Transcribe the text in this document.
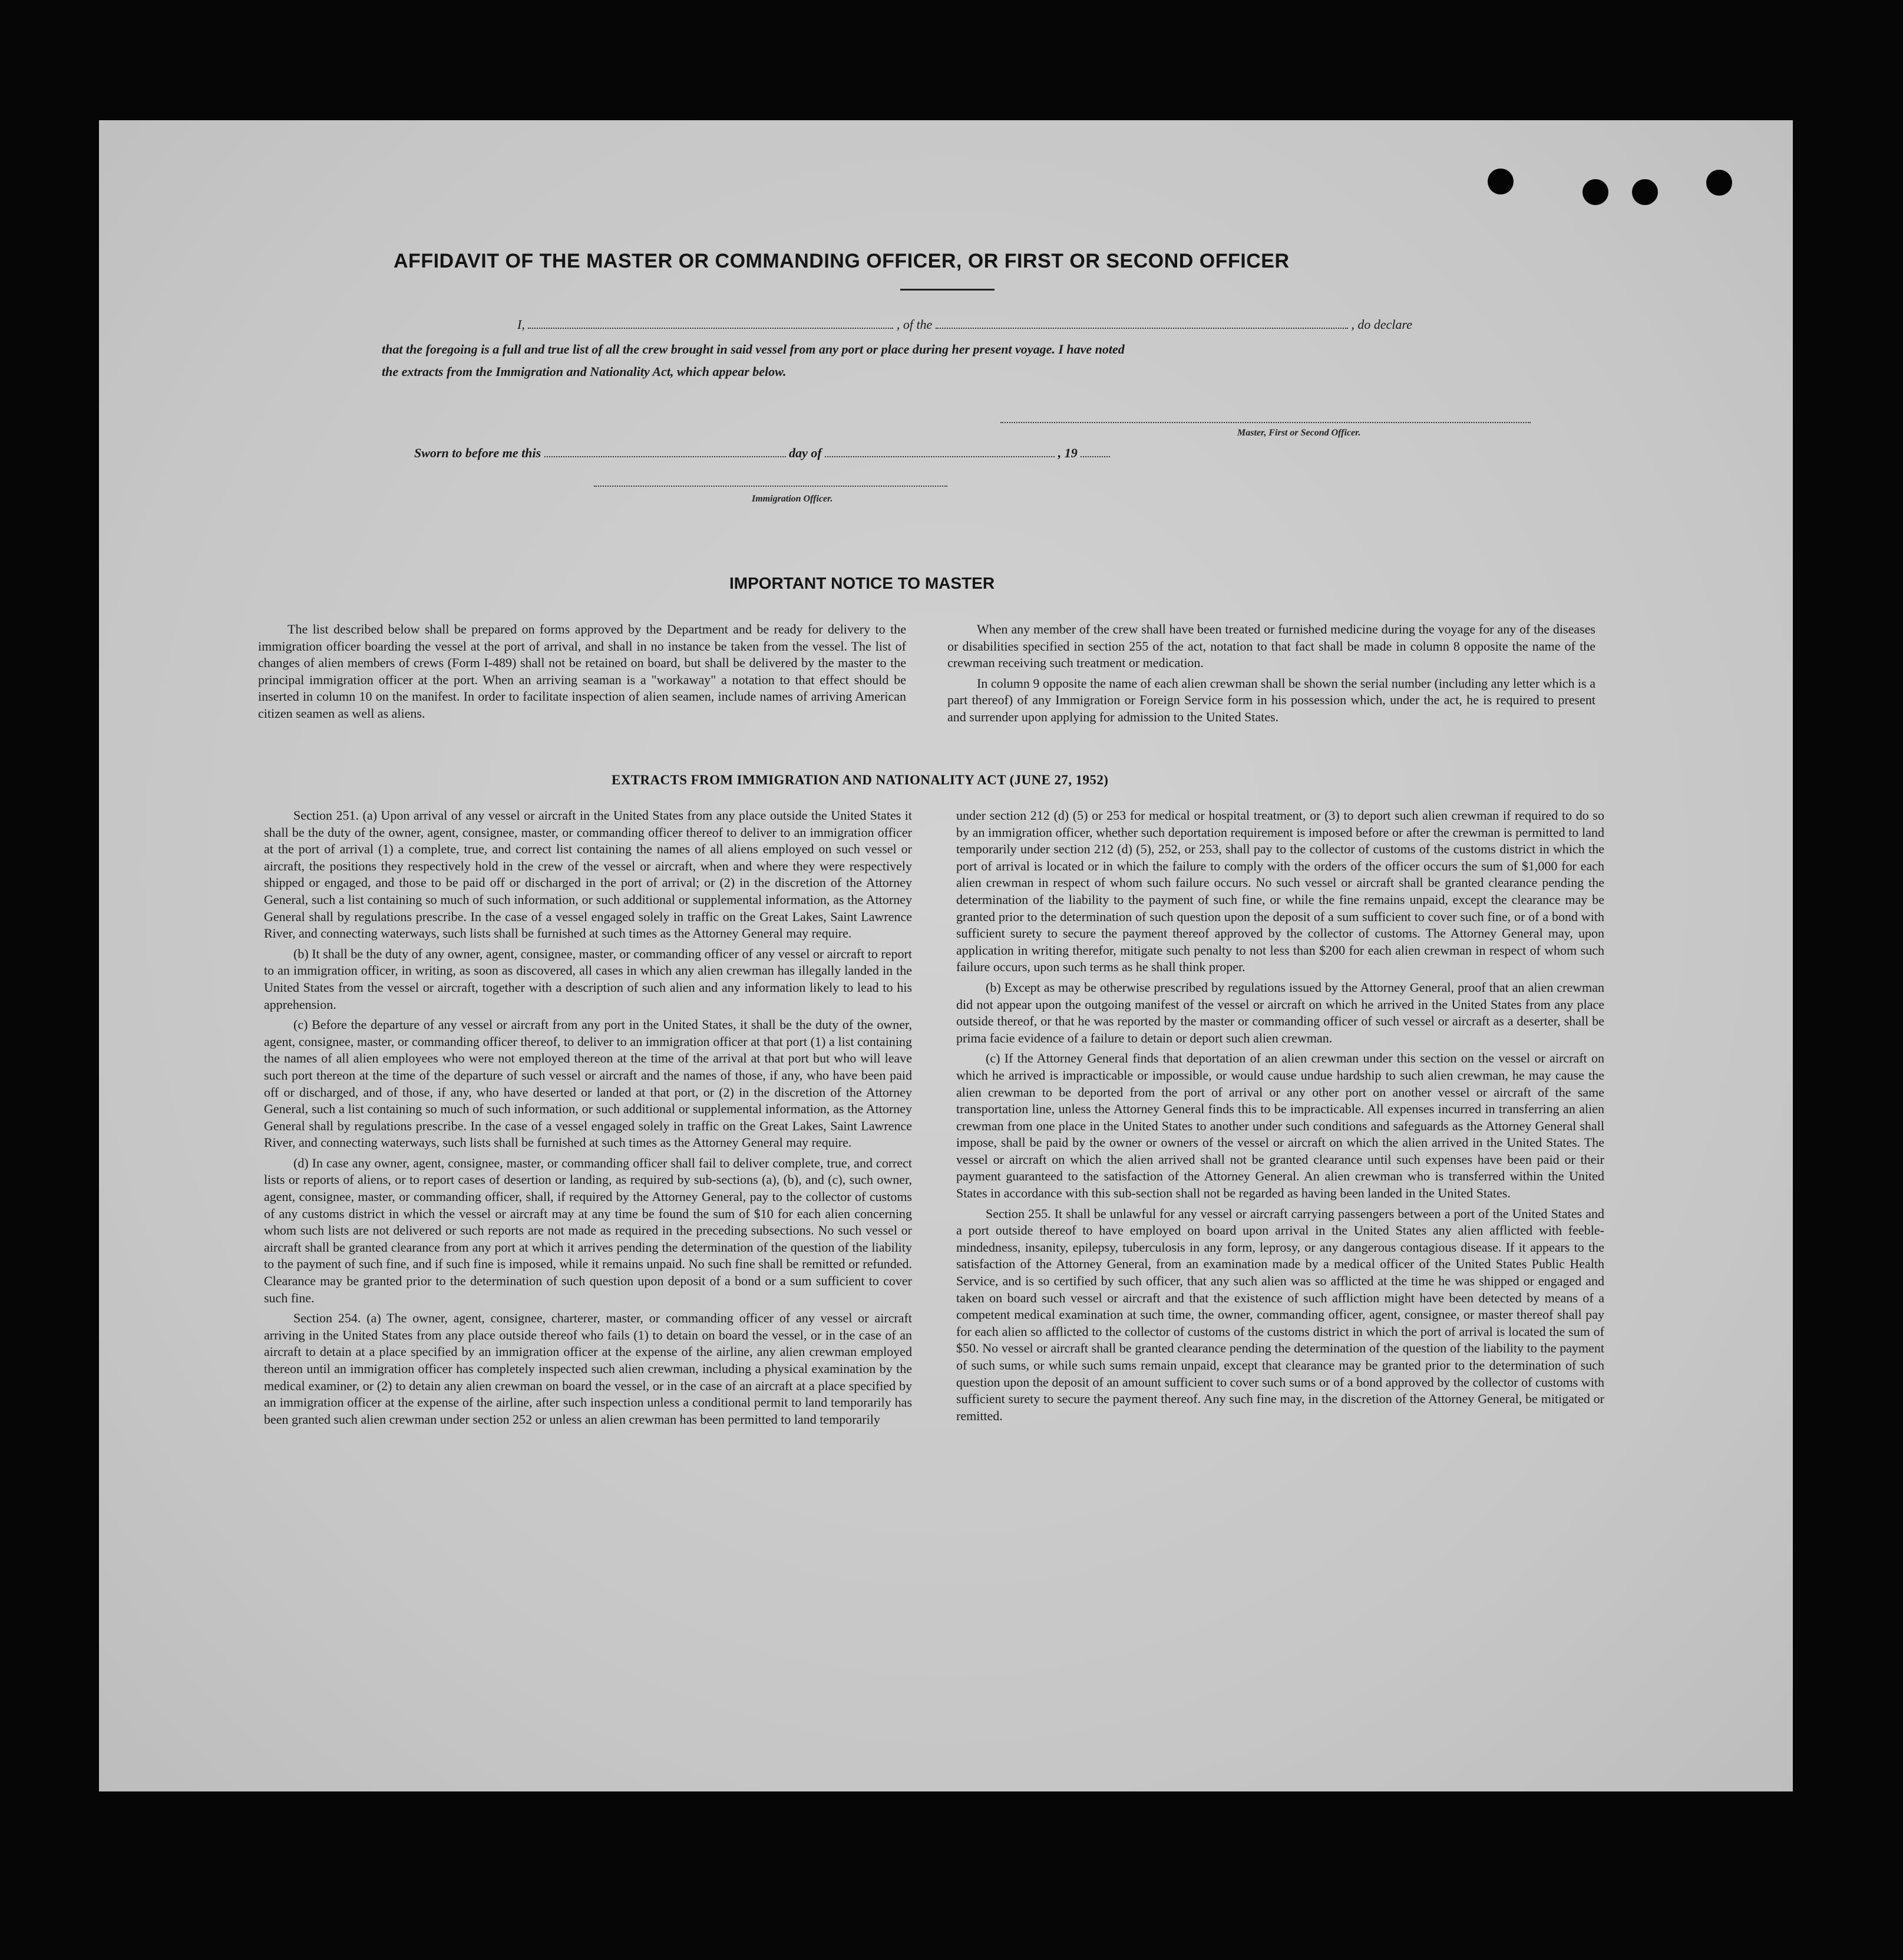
AFFIDAVIT OF THE MASTER OR COMMANDING OFFICER, OR FIRST OR SECOND OFFICER
I,	, of the	, do declare
that the foregoing is a full and true list of all the crew brought in said vessel from any port or place during her present voyage. I have noted
the extracts from the Immigration and Nationality Act, which appear below.
Master, First or Second Officer.
Sworn to before me this	day of	, 19
Immigration Officer.
IMPORTANT NOTICE TO MASTER

The list described below shall be prepared on forms approved by the Department and be ready for delivery to the immigration officer boarding the vessel at the port of arrival, and shall in no instance be taken from the vessel. The list of changes of alien members of crews (Form I-489) shall not be retained on board, but shall be delivered by the master to the principal immigration officer at the port. When an arriving seaman is a "workaway" a notation to that effect should be inserted in column 10 on the manifest. In order to facilitate inspection of alien seamen, include names of arriving American citizen seamen as well as aliens.

When any member of the crew shall have been treated or furnished medicine during the voyage for any of the diseases or disabilities specified in section 255 of the act, notation to that fact shall be made in column 8 opposite the name of the crewman receiving such treatment or medication.

In column 9 opposite the name of each alien crewman shall be shown the serial number (including any letter which is a part thereof) of any Immigration or Foreign Service form in his possession which, under the act, he is required to present and surrender upon applying for admission to the United States.

EXTRACTS FROM IMMIGRATION AND NATIONALITY ACT (JUNE 27, 1952)

Section 251. (a) Upon arrival of any vessel or aircraft in the United States from any place outside the United States it shall be the duty of the owner, agent, consignee, master, or commanding officer thereof to deliver to an immigration officer at the port of arrival (1) a complete, true, and correct list containing the names of all aliens employed on such vessel or aircraft, the positions they respectively hold in the crew of the vessel or aircraft, when and where they were respectively shipped or engaged, and those to be paid off or discharged in the port of arrival; or (2) in the discretion of the Attorney General, such a list containing so much of such information, or such additional or supplemental information, as the Attorney General shall by regulations prescribe. In the case of a vessel engaged solely in traffic on the Great Lakes, Saint Lawrence River, and connecting waterways, such lists shall be furnished at such times as the Attorney General may require.

(b) It shall be the duty of any owner, agent, consignee, master, or commanding officer of any vessel or aircraft to report to an immigration officer, in writing, as soon as discovered, all cases in which any alien crewman has illegally landed in the United States from the vessel or aircraft, together with a description of such alien and any information likely to lead to his apprehension.

(c) Before the departure of any vessel or aircraft from any port in the United States, it shall be the duty of the owner, agent, consignee, master, or commanding officer thereof, to deliver to an immigration officer at that port (1) a list containing the names of all alien employees who were not employed thereon at the time of the arrival at that port but who will leave such port thereon at the time of the departure of such vessel or aircraft and the names of those, if any, who have been paid off or discharged, and of those, if any, who have deserted or landed at that port, or (2) in the discretion of the Attorney General, such a list containing so much of such information, or such additional or supplemental information, as the Attorney General shall by regulations prescribe. In the case of a vessel engaged solely in traffic on the Great Lakes, Saint Lawrence River, and connecting waterways, such lists shall be furnished at such times as the Attorney General may require.

(d) In case any owner, agent, consignee, master, or commanding officer shall fail to deliver complete, true, and correct lists or reports of aliens, or to report cases of desertion or landing, as required by sub-sections (a), (b), and (c), such owner, agent, consignee, master, or commanding officer, shall, if required by the Attorney General, pay to the collector of customs of any customs district in which the vessel or aircraft may at any time be found the sum of $10 for each alien concerning whom such lists are not delivered or such reports are not made as required in the preceding subsections. No such vessel or aircraft shall be granted clearance from any port at which it arrives pending the determination of the question of the liability to the payment of such fine, and if such fine is imposed, while it remains unpaid. No such fine shall be remitted or refunded. Clearance may be granted prior to the determination of such question upon deposit of a bond or a sum sufficient to cover such fine.

Section 254. (a) The owner, agent, consignee, charterer, master, or commanding officer of any vessel or aircraft arriving in the United States from any place outside thereof who fails (1) to detain on board the vessel, or in the case of an aircraft to detain at a place specified by an immigration officer at the expense of the airline, any alien crewman employed thereon until an immigration officer has completely inspected such alien crewman, including a physical examination by the medical examiner, or (2) to detain any alien crewman on board the vessel, or in the case of an aircraft at a place specified by an immigration officer at the expense of the airline, after such inspection unless a conditional permit to land temporarily has been granted such alien crewman under section 252 or unless an alien crewman has been permitted to land temporarily

under section 212 (d) (5) or 253 for medical or hospital treatment, or (3) to deport such alien crewman if required to do so by an immigration officer, whether such deportation requirement is imposed before or after the crewman is permitted to land temporarily under section 212 (d) (5), 252, or 253, shall pay to the collector of customs of the customs district in which the port of arrival is located or in which the failure to comply with the orders of the officer occurs the sum of $1,000 for each alien crewman in respect of whom such failure occurs. No such vessel or aircraft shall be granted clearance pending the determination of the liability to the payment of such fine, or while the fine remains unpaid, except the clearance may be granted prior to the determination of such question upon the deposit of a sum sufficient to cover such fine, or of a bond with sufficient surety to secure the payment thereof approved by the collector of customs. The Attorney General may, upon application in writing therefor, mitigate such penalty to not less than $200 for each alien crewman in respect of whom such failure occurs, upon such terms as he shall think proper.

(b) Except as may be otherwise prescribed by regulations issued by the Attorney General, proof that an alien crewman did not appear upon the outgoing manifest of the vessel or aircraft on which he arrived in the United States from any place outside thereof, or that he was reported by the master or commanding officer of such vessel or aircraft as a deserter, shall be prima facie evidence of a failure to detain or deport such alien crewman.

(c) If the Attorney General finds that deportation of an alien crewman under this section on the vessel or aircraft on which he arrived is impracticable or impossible, or would cause undue hardship to such alien crewman, he may cause the alien crewman to be deported from the port of arrival or any other port on another vessel or aircraft of the same transportation line, unless the Attorney General finds this to be impracticable. All expenses incurred in transferring an alien crewman from one place in the United States to another under such conditions and safeguards as the Attorney General shall impose, shall be paid by the owner or owners of the vessel or aircraft on which the alien arrived in the United States. The vessel or aircraft on which the alien arrived shall not be granted clearance until such expenses have been paid or their payment guaranteed to the satisfaction of the Attorney General. An alien crewman who is transferred within the United States in accordance with this sub-section shall not be regarded as having been landed in the United States.

Section 255. It shall be unlawful for any vessel or aircraft carrying passengers between a port of the United States and a port outside thereof to have employed on board upon arrival in the United States any alien afflicted with feeble-mindedness, insanity, epilepsy, tuberculosis in any form, leprosy, or any dangerous contagious disease. If it appears to the satisfaction of the Attorney General, from an examination made by a medical officer of the United States Public Health Service, and is so certified by such officer, that any such alien was so afflicted at the time he was shipped or engaged and taken on board such vessel or aircraft and that the existence of such affliction might have been detected by means of a competent medical examination at such time, the owner, commanding officer, agent, consignee, or master thereof shall pay for each alien so afflicted to the collector of customs of the customs district in which the port of arrival is located the sum of $50. No vessel or aircraft shall be granted clearance pending the determination of the question of the liability to the payment of such sums, or while such sums remain unpaid, except that clearance may be granted prior to the determination of such question upon the deposit of an amount sufficient to cover such sums or of a bond approved by the collector of customs with sufficient surety to secure the payment thereof. Any such fine may, in the discretion of the Attorney General, be mitigated or remitted.
